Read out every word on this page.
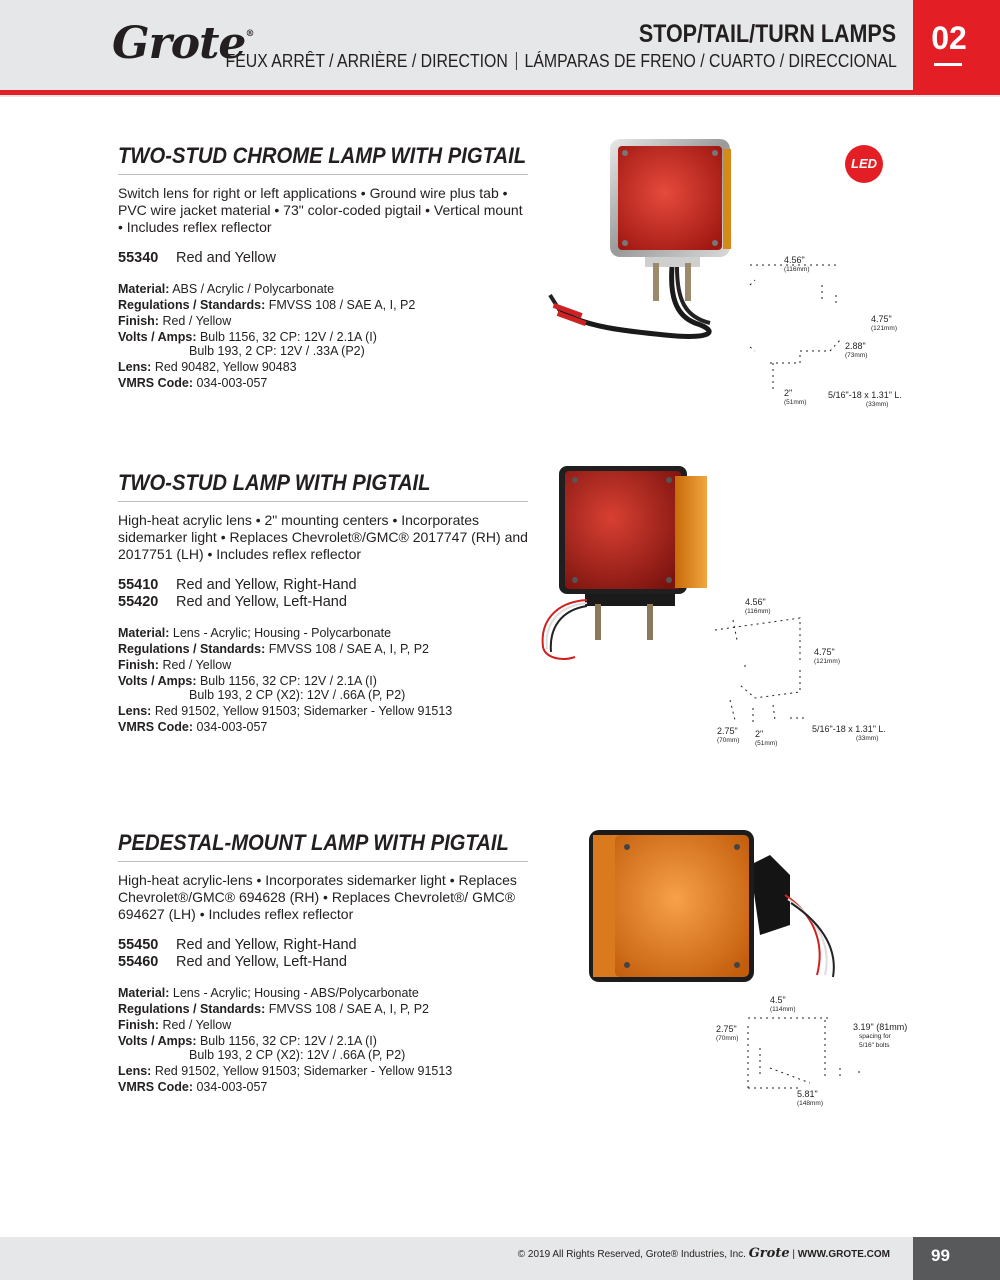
Grote®	STOP/TAIL/TURN LAMPS
FEUX ARRÊT / ARRIÈRE / DIRECTION LÁMPARAS DE FRENO / CUARTO / DIRECCIONAL
02
TWO-STUD CHROME LAMP WITH PIGTAIL
Switch lens for right or left applications • Ground wire plus tab • PVC wire jacket material • 73" color-coded pigtail • Vertical mount • Includes reflex reflector
55340	Red and Yellow
Material: ABS / Acrylic / Polycarbonate
Regulations / Standards: FMVSS 108 / SAE A, I, P2
Finish: Red / Yellow
Volts / Amps: Bulb 1156, 32 CP: 12V / 2.1A (I)
Bulb 193, 2 CP: 12V / .33A (P2)
Lens: Red 90482, Yellow 90483
VMRS Code: 034-003-057
LED
4.56"
(116mm)
4.75"
(121mm)
2.88"
(73mm)
2"
(51mm)
5/16"-18 x 1.31" L.
(33mm)
TWO-STUD LAMP WITH PIGTAIL
High-heat acrylic lens • 2" mounting centers • Incorporates sidemarker light • Replaces Chevrolet®/GMC® 2017747 (RH) and 2017751 (LH) • Includes reflex reflector
55410	Red and Yellow, Right-Hand
55420	Red and Yellow, Left-Hand
Material: Lens - Acrylic; Housing - Polycarbonate
Regulations / Standards: FMVSS 108 / SAE A, I, P, P2
Finish: Red / Yellow
Volts / Amps: Bulb 1156, 32 CP: 12V / 2.1A (I)
Bulb 193, 2 CP (X2): 12V / .66A (P, P2)
Lens: Red 91502, Yellow 91503; Sidemarker - Yellow 91513
VMRS Code: 034-003-057
4.56"
(116mm)
4.75"
(121mm)
2.75"
(70mm)
2"
(51mm)
5/16"-18 x 1.31" L.
(33mm)
PEDESTAL-MOUNT LAMP WITH PIGTAIL
High-heat acrylic-lens • Incorporates sidemarker light • Replaces Chevrolet®/GMC® 694628 (RH) • Replaces Chevrolet®/ GMC® 694627 (LH) • Includes reflex reflector
55450	Red and Yellow, Right-Hand
55460	Red and Yellow, Left-Hand
Material: Lens - Acrylic; Housing - ABS/Polycarbonate
Regulations / Standards: FMVSS 108 / SAE A, I, P, P2
Finish: Red / Yellow
Volts / Amps: Bulb 1156, 32 CP: 12V / 2.1A (I)
Bulb 193, 2 CP (X2): 12V / .66A (P, P2)
Lens: Red 91502, Yellow 91503; Sidemarker - Yellow 91513
VMRS Code: 034-003-057
4.5"
(114mm)
2.75"
(70mm)
3.19" (81mm)
spacing for
5/16" bolts
5.81"
(148mm)
© 2019 All Rights Reserved, Grote® Industries, Inc. Grote | WWW.GROTE.COM	99
